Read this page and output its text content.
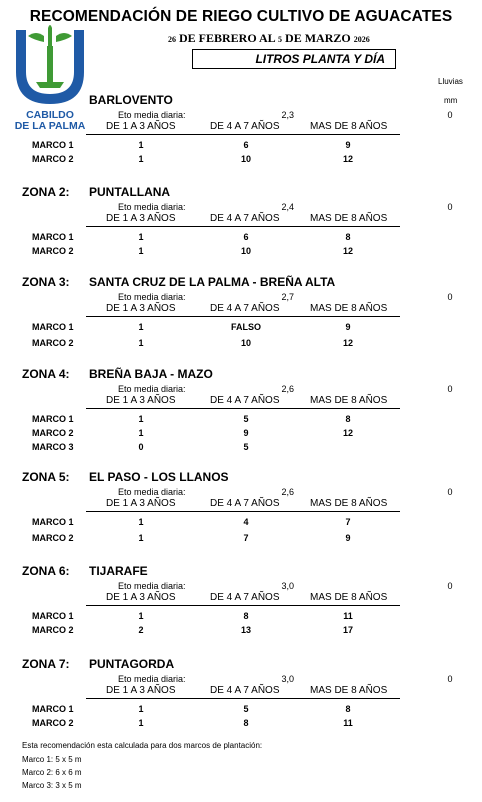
RECOMENDACIÓN DE RIEGO CULTIVO DE AGUACATES
26 DE FEBRERO AL 5 DE MARZO 2026
LITROS PLANTA Y DÍA
CABILDO
DE LA PALMA
Lluvias
mm
BARLOVENTO
Eto media diaria:	2,3	0
DE 1 A 3 AÑOS	DE 4 A 7 AÑOS	MAS DE 8 AÑOS
MARCO 1	1	6	9
MARCO 2	1	10	12
ZONA 2: PUNTALLANA
Eto media diaria:	2,4	0
DE 1 A 3 AÑOS	DE 4 A 7 AÑOS	MAS DE 8 AÑOS
MARCO 1	1	6	8
MARCO 2	1	10	12
ZONA 3: SANTA CRUZ DE LA PALMA - BREÑA ALTA
Eto media diaria:	2,7	0
DE 1 A 3 AÑOS	DE 4 A 7 AÑOS	MAS DE 8 AÑOS
MARCO 1	1	FALSO	9
MARCO 2	1	10	12
ZONA 4: BREÑA BAJA - MAZO
Eto media diaria:	2,6	0
DE 1 A 3 AÑOS	DE 4 A 7 AÑOS	MAS DE 8 AÑOS
MARCO 1	1	5	8
MARCO 2	1	9	12
MARCO 3	0	5
ZONA 5: EL PASO - LOS LLANOS
Eto media diaria:	2,6	0
DE 1 A 3 AÑOS	DE 4 A 7 AÑOS	MAS DE 8 AÑOS
MARCO 1	1	4	7
MARCO 2	1	7	9
ZONA 6: TIJARAFE
Eto media diaria:	3,0	0
DE 1 A 3 AÑOS	DE 4 A 7 AÑOS	MAS DE 8 AÑOS
MARCO 1	1	8	11
MARCO 2	2	13	17
ZONA 7: PUNTAGORDA
Eto media diaria:	3,0	0
DE 1 A 3 AÑOS	DE 4 A 7 AÑOS	MAS DE 8 AÑOS
MARCO 1	1	5	8
MARCO 2	1	8	11
Esta recomendación esta calculada para dos marcos de plantación:
Marco 1: 5 x 5 m
Marco 2: 6 x 6 m
Marco 3: 3 x 5 m
